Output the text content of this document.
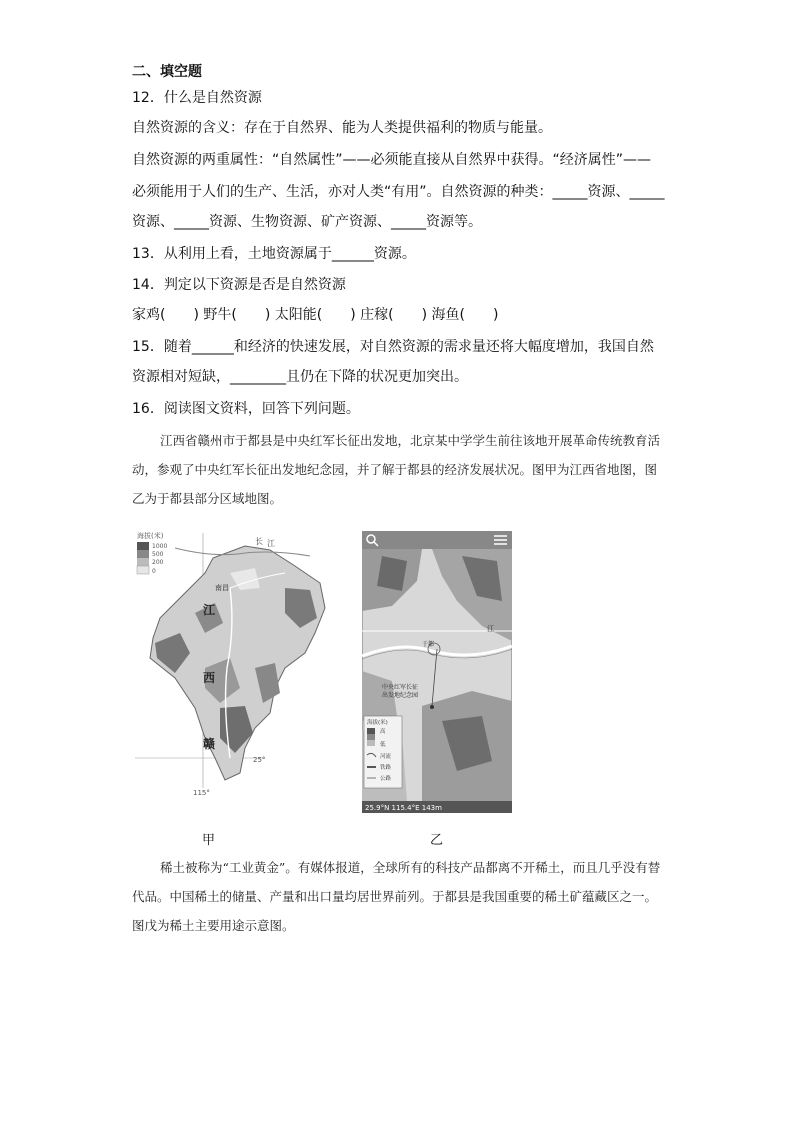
二、填空题
12．什么是自然资源
自然资源的含义：存在于自然界、能为人类提供福利的物质与能量。
自然资源的两重属性：“自然属性”——必须能直接从自然界中获得。“经济属性”——
必须能用于人们的生产、生活，亦对人类“有用”。自然资源的种类：_____资源、_____
资源、_____资源、生物资源、矿产资源、_____资源等。
13．从利用上看，土地资源属于______资源。
14．判定以下资源是否是自然资源
家鸡(　　) 野牛(　　) 太阳能(　　) 庄稼(　　) 海鱼(　　)
15．随着______和经济的快速发展，对自然资源的需求量还将大幅度增加，我国自然
资源相对短缺，________且仍在下降的状况更加突出。
16．阅读图文资料，回答下列问题。
江西省赣州市于都县是中央红军长征出发地，北京某中学学生前往该地开展革命传统教育活动，参观了中央红军长征出发地纪念园，并了解于都县的经济发展状况。图甲为江西省地图，图乙为于都县部分区域地图。
海拔(米)
1000
500
200
0
长 江
南昌
江
西
赣
25°
115°
甲
于都
江
中央红军长征
出发地纪念园
海拔(米)
高
低
河流
铁路
公路
25.9°N 115.4°E 143m
乙
稀土被称为“工业黄金”。有媒体报道，全球所有的科技产品都离不开稀土，而且几乎没有替代品。中国稀土的储量、产量和出口量均居世界前列。于都县是我国重要的稀土矿蕴藏区之一。图戊为稀土主要用途示意图。
